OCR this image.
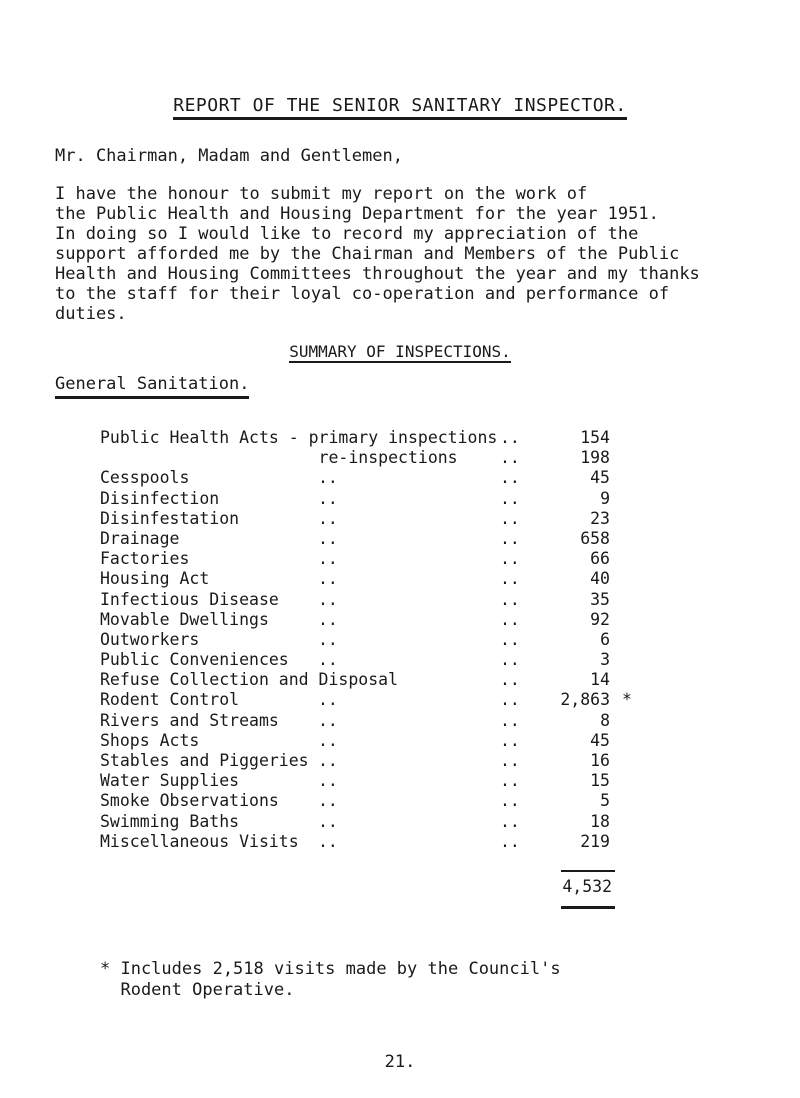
REPORT OF THE SENIOR SANITARY INSPECTOR.
Mr. Chairman, Madam and Gentlemen,
I have the honour to submit my report on the work of
the Public Health and Housing Department for the year 1951.
In doing so I would like to record my appreciation of the
support afforded me by the Chairman and Members of the Public
Health and Housing Committees throughout the year and my thanks
to the staff for their loyal co-operation and performance of
duties.
SUMMARY OF INSPECTIONS.
General Sanitation.
Public Health Acts - primary inspections ..	154
re-inspections	..	198
Cesspools	..	..	45
Disinfection	..	..	9
Disinfestation	..	..	23
Drainage	..	..	658
Factories	..	..	66
Housing Act	..	..	40
Infectious Disease ..	..	35
Movable Dwellings	..	..	92
Outworkers	..	..	6
Public Conveniences ..	..	3
Refuse Collection and Disposal	..	14
Rodent Control	..	.. 2,863 *
Rivers and Streams ..	..	8
Shops Acts	..	..	45
Stables and Piggeries ..	..	16
Water Supplies	..	..	15
Smoke Observations ..	..	5
Swimming Baths	..	..	18
Miscellaneous Visits ..	..	219
4,532
* Includes 2,518 visits made by the Council's
Rodent Operative.
21.
